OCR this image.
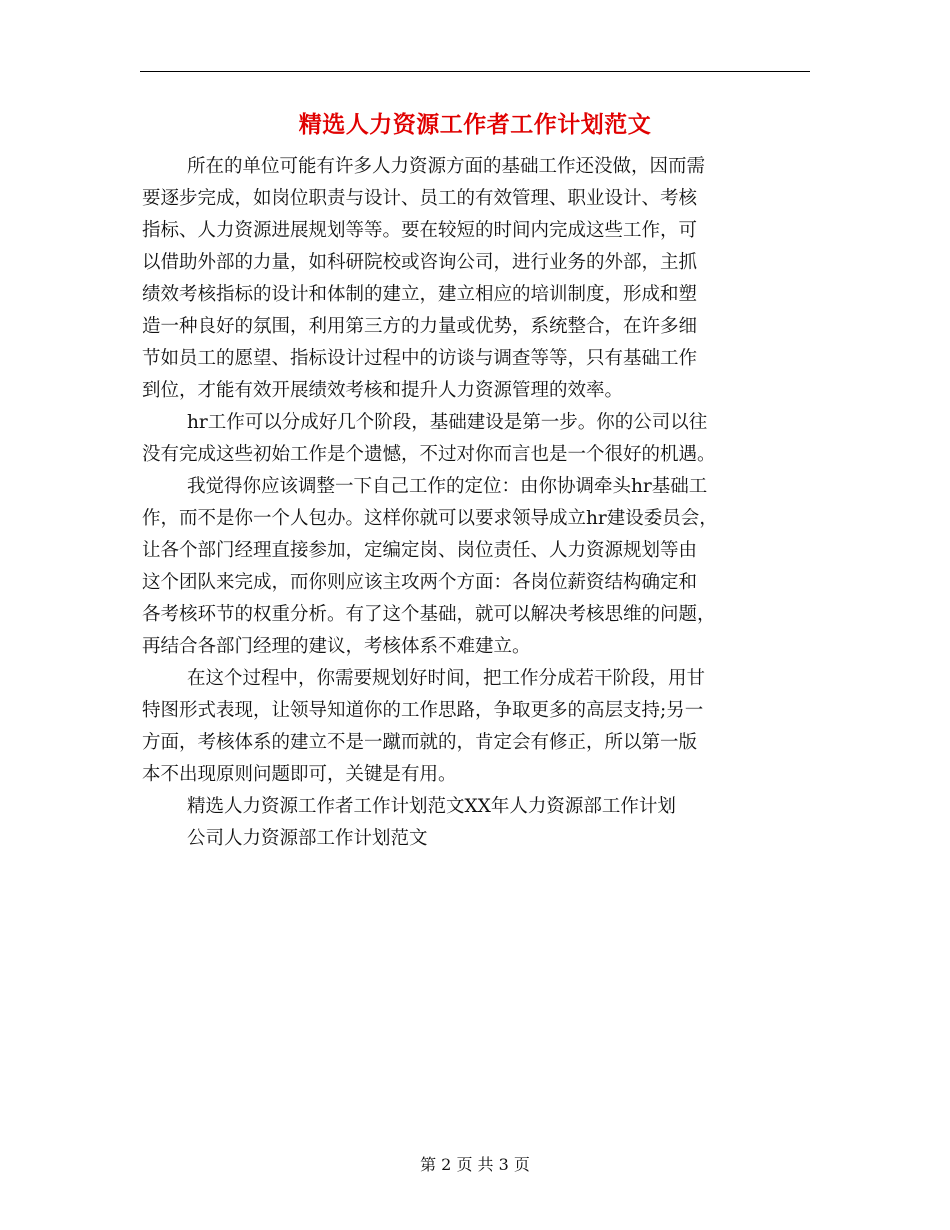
精选人力资源工作者工作计划范文
所在的单位可能有许多人力资源方面的基础工作还没做，因而需
要逐步完成，如岗位职责与设计、员工的有效管理、职业设计、考核
指标、人力资源进展规划等等。要在较短的时间内完成这些工作，可
以借助外部的力量，如科研院校或咨询公司，进行业务的外部，主抓
绩效考核指标的设计和体制的建立，建立相应的培训制度，形成和塑
造一种良好的氛围，利用第三方的力量或优势，系统整合，在许多细
节如员工的愿望、指标设计过程中的访谈与调查等等，只有基础工作
到位，才能有效开展绩效考核和提升人力资源管理的效率。
hr工作可以分成好几个阶段，基础建设是第一步。你的公司以往
没有完成这些初始工作是个遗憾，不过对你而言也是一个很好的机遇。
我觉得你应该调整一下自己工作的定位：由你协调牵头hr基础工
作，而不是你一个人包办。这样你就可以要求领导成立hr建设委员会，
让各个部门经理直接参加，定编定岗、岗位责任、人力资源规划等由
这个团队来完成，而你则应该主攻两个方面：各岗位薪资结构确定和
各考核环节的权重分析。有了这个基础，就可以解决考核思维的问题，
再结合各部门经理的建议，考核体系不难建立。
在这个过程中，你需要规划好时间，把工作分成若干阶段，用甘
特图形式表现，让领导知道你的工作思路，争取更多的高层支持;另一
方面，考核体系的建立不是一蹴而就的，肯定会有修正，所以第一版
本不出现原则问题即可，关键是有用。
精选人力资源工作者工作计划范文XX年人力资源部工作计划
公司人力资源部工作计划范文
第 2 页 共 3 页
